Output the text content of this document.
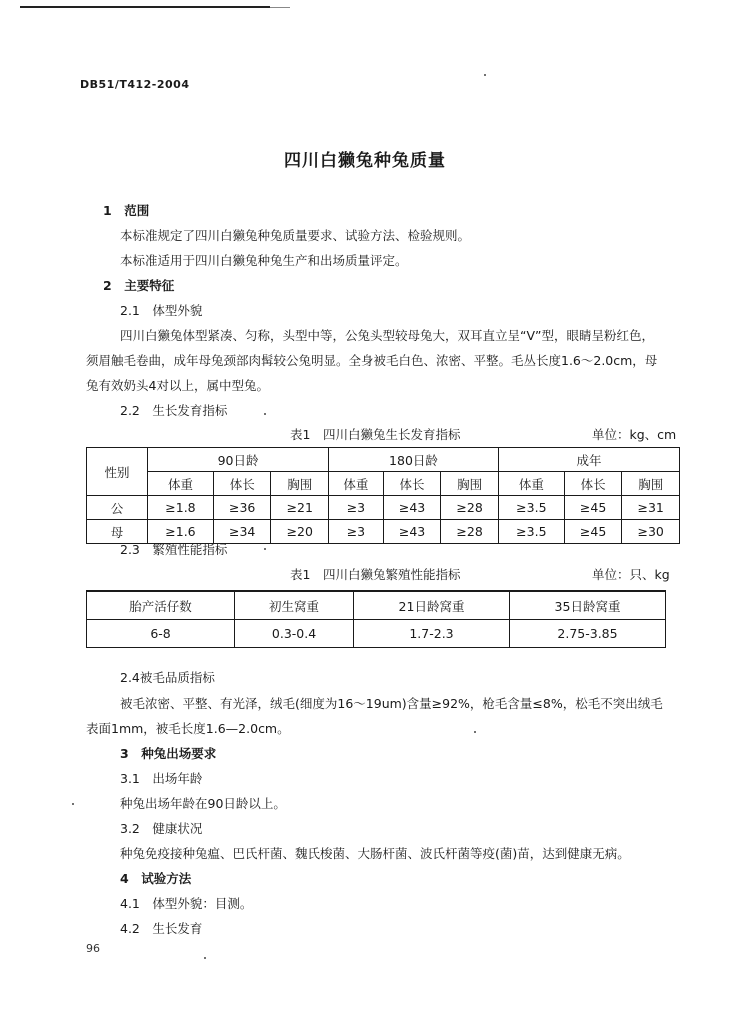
DB51/T412-2004
四川白獭兔种兔质量
1　范围
本标准规定了四川白獭兔种兔质量要求、试验方法、检验规则。
本标准适用于四川白獭兔种兔生产和出场质量评定。
2　主要特征
2.1　体型外貌
四川白獭兔体型紧凑、匀称，头型中等，公兔头型较母兔大，双耳直立呈“V”型，眼睛呈粉红色，
须眉触毛卷曲，成年母兔颈部肉髯较公兔明显。全身被毛白色、浓密、平整。毛丛长度1.6～2.0cm，母
兔有效奶头4对以上，属中型兔。
2.2　生长发育指标
表1　四川白獭兔生长发育指标	单位：kg、cm
性别	90日龄			180日龄			成年		
	体重	体长	胸围	体重	体长	胸围	体重	体长	胸围
公	≥1.8	≥36	≥21	≥3	≥43	≥28	≥3.5	≥45	≥31
母	≥1.6	≥34	≥20	≥3	≥43	≥28	≥3.5	≥45	≥30
2.3　繁殖性能指标
表1　四川白獭兔繁殖性能指标	单位：只、kg
胎产活仔数	初生窝重	21日龄窝重	35日龄窝重
6-8	0.3-0.4	1.7-2.3	2.75-3.85
2.4被毛品质指标
被毛浓密、平整、有光泽，绒毛(细度为16～19um)含量≥92%，枪毛含量≤8%，松毛不突出绒毛
表面1mm，被毛长度1.6—2.0cm。
3　种兔出场要求
3.1　出场年龄
种兔出场年龄在90日龄以上。
3.2　健康状况
种兔免疫接种兔瘟、巴氏杆菌、魏氏梭菌、大肠杆菌、波氏杆菌等疫(菌)苗，达到健康无病。
4　试验方法
4.1　体型外貌：目测。
4.2　生长发育
96
